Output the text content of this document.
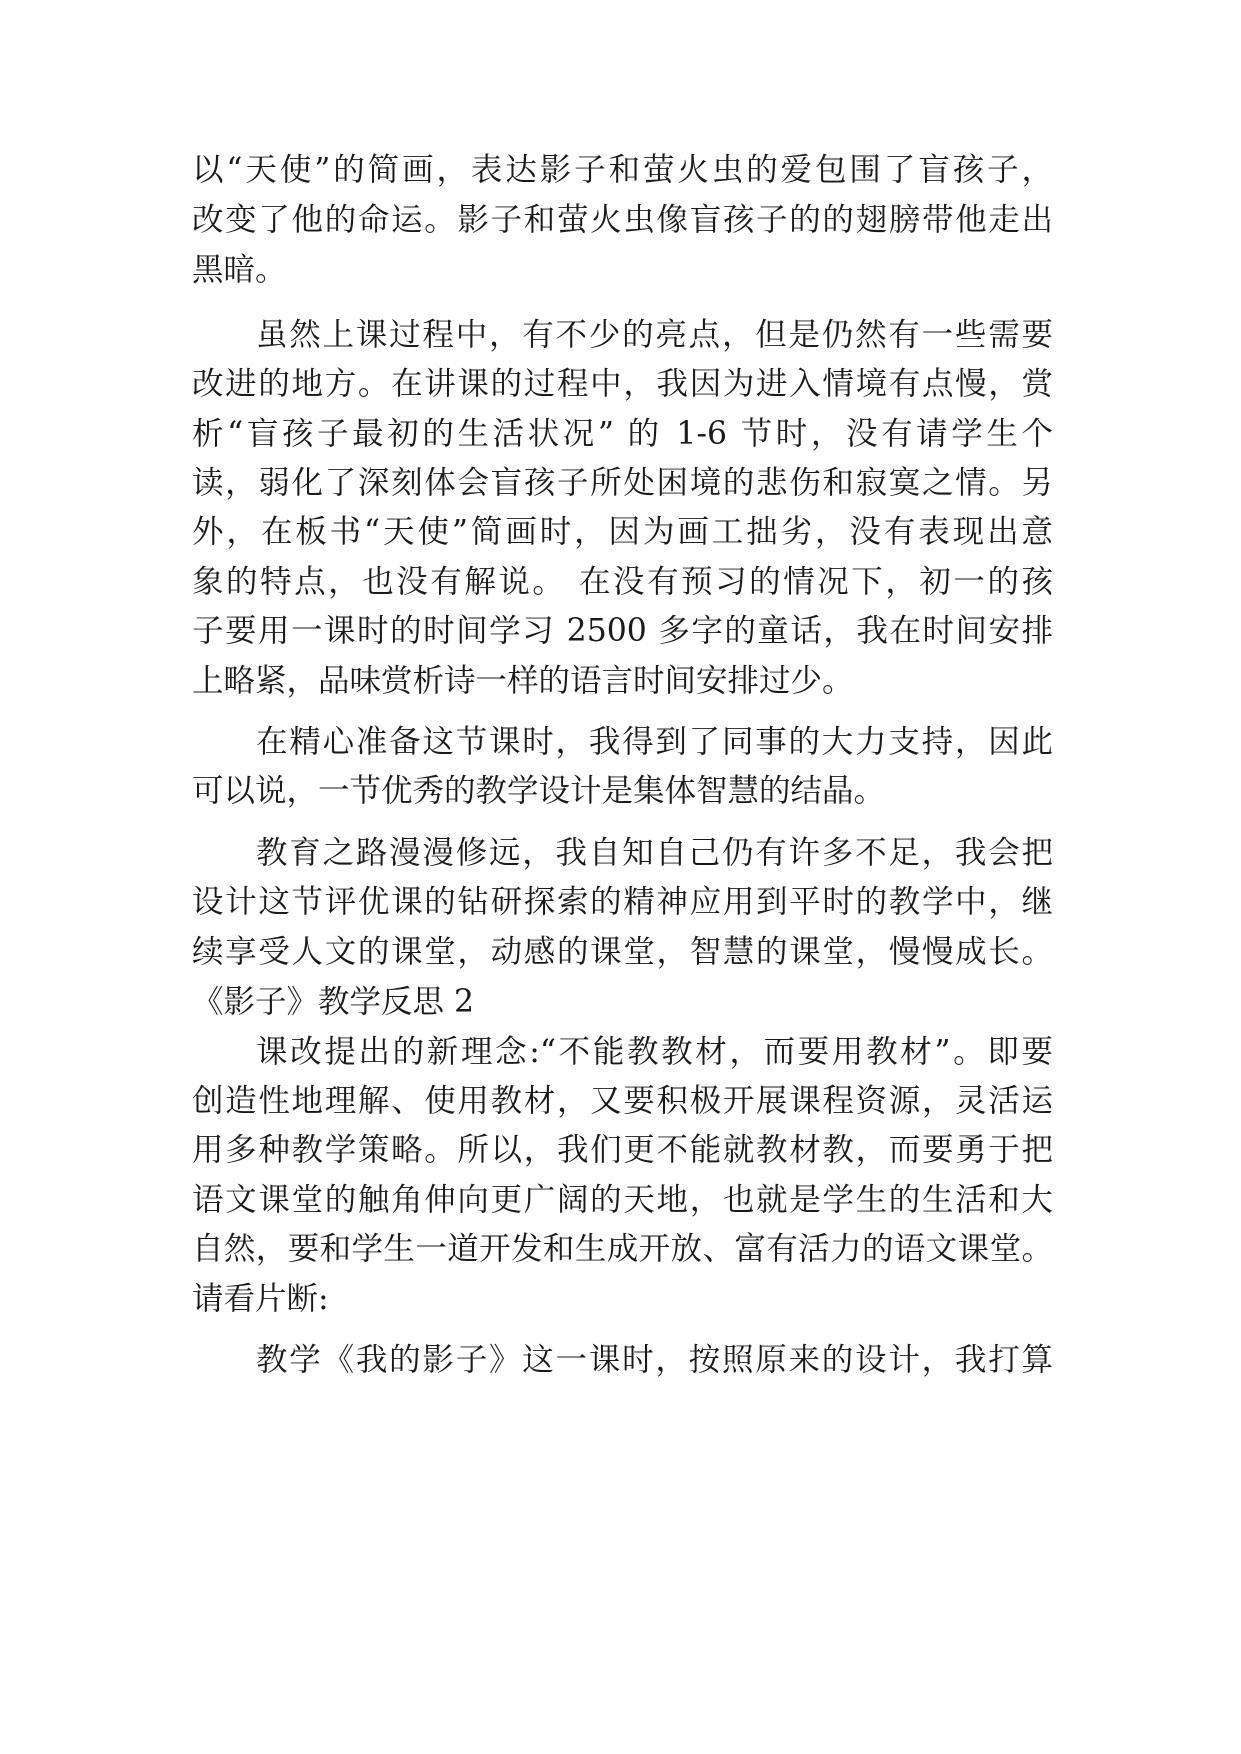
以“天使”的简画，表达影子和萤火虫的爱包围了盲孩子，
改变了他的命运。影子和萤火虫像盲孩子的的翅膀带他走出
黑暗。
虽然上课过程中，有不少的亮点，但是仍然有一些需要
改进的地方。在讲课的过程中，我因为进入情境有点慢，赏
析“盲孩子最初的生活状况” 的 1-6 节时，没有请学生个
读，弱化了深刻体会盲孩子所处困境的悲伤和寂寞之情。另
外，在板书“天使”简画时，因为画工拙劣，没有表现出意
象的特点，也没有解说。 在没有预习的情况下，初一的孩
子要用一课时的时间学习 2500 多字的童话，我在时间安排
上略紧，品味赏析诗一样的语言时间安排过少。
在精心准备这节课时，我得到了同事的大力支持，因此
可以说，一节优秀的教学设计是集体智慧的结晶。
教育之路漫漫修远，我自知自己仍有许多不足，我会把
设计这节评优课的钻研探索的精神应用到平时的教学中，继
续享受人文的课堂，动感的课堂，智慧的课堂，慢慢成长。
《影子》教学反思 2
课改提出的新理念:“不能教教材，而要用教材”。即要
创造性地理解、使用教材，又要积极开展课程资源，灵活运
用多种教学策略。所以，我们更不能就教材教，而要勇于把
语文课堂的触角伸向更广阔的天地，也就是学生的生活和大
自然，要和学生一道开发和生成开放、富有活力的语文课堂。
请看片断:
教学《我的影子》这一课时，按照原来的设计，我打算
